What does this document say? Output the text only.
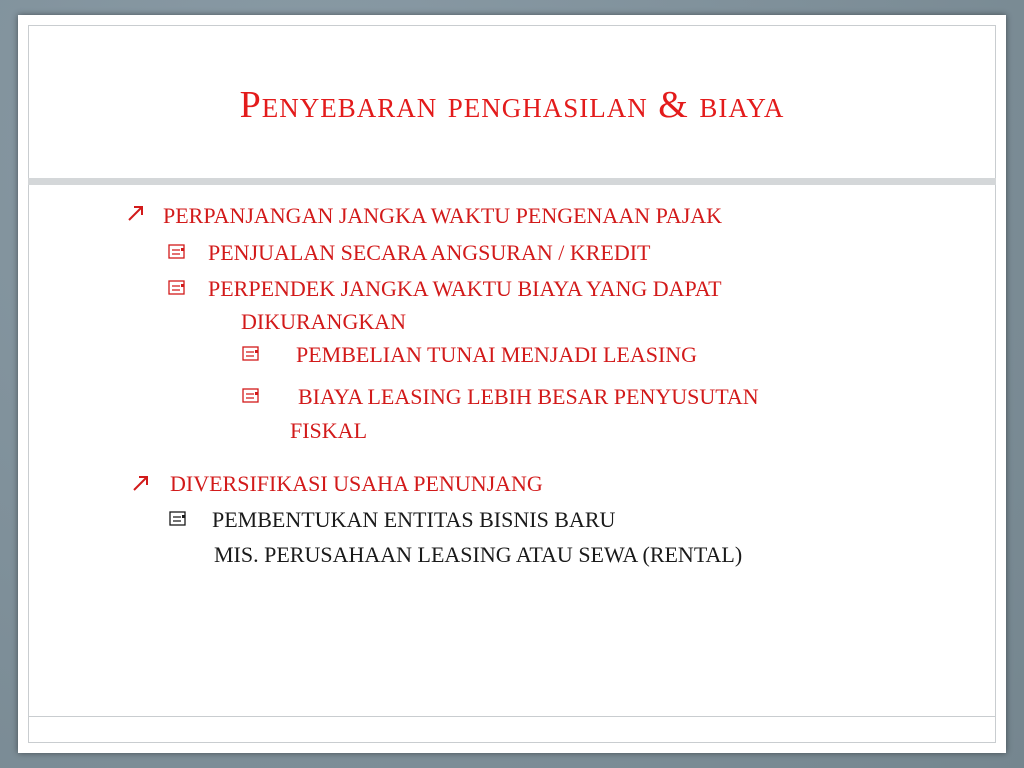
Penyebaran penghasilan & biaya
PERPANJANGAN JANGKA WAKTU PENGENAAN PAJAK
PENJUALAN SECARA ANGSURAN / KREDIT
PERPENDEK JANGKA WAKTU BIAYA YANG DAPAT
DIKURANGKAN
PEMBELIAN TUNAI MENJADI LEASING
BIAYA LEASING LEBIH BESAR PENYUSUTAN
FISKAL
DIVERSIFIKASI USAHA PENUNJANG
PEMBENTUKAN ENTITAS BISNIS BARU
MIS. PERUSAHAAN LEASING ATAU SEWA (RENTAL)
